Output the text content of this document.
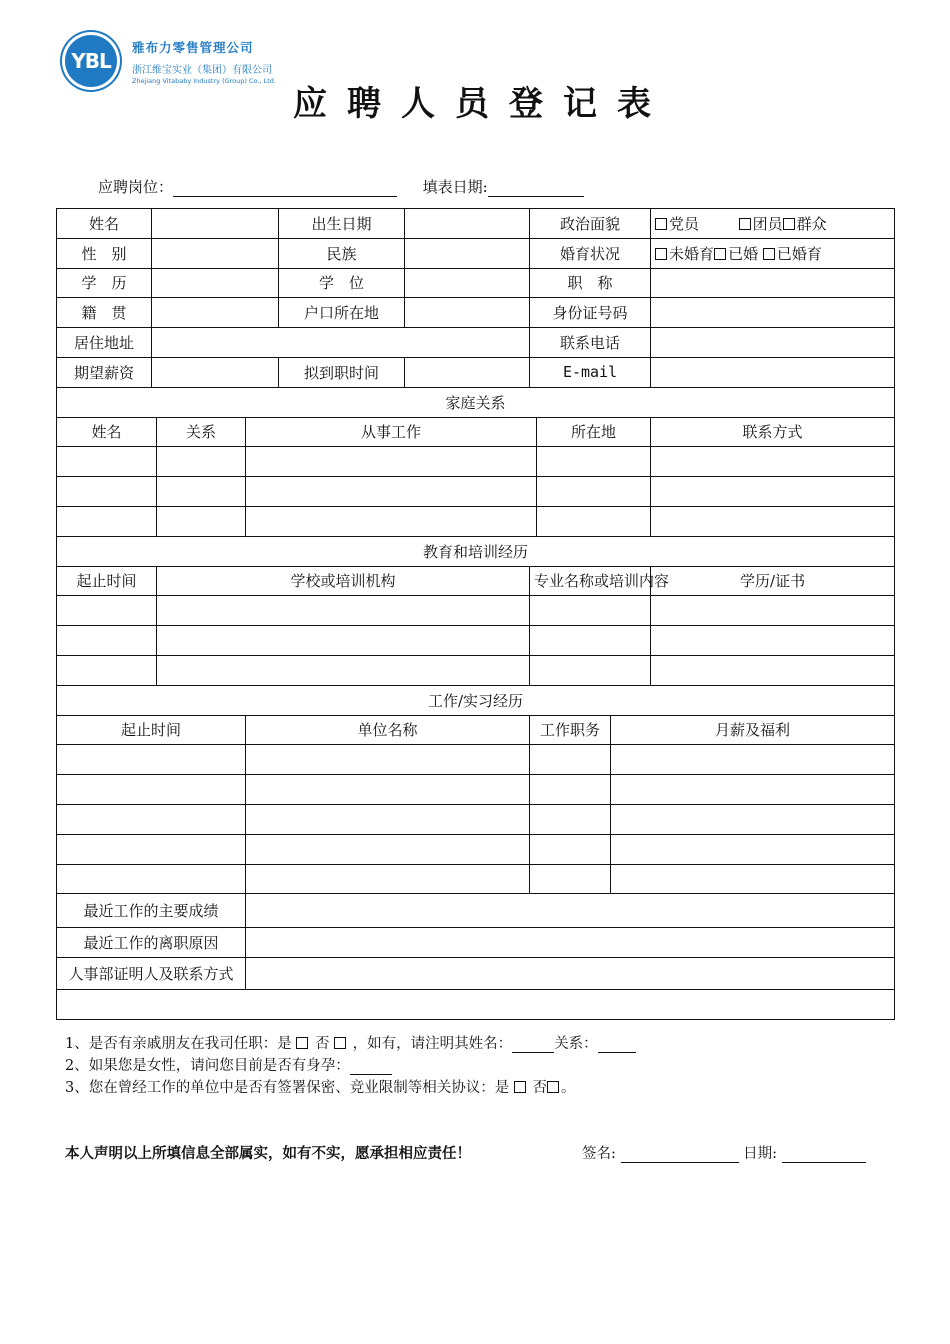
YBL
雅布力零售管理公司
浙江维宝实业（集团）有限公司
Zhejiang Vitababy Industry (Group) Co., Ltd.
应聘人员登记表
应聘岗位：	填表日期:
姓名				出生日期		政治面貌			党员 团员 群众
性　别				民族		婚育状况			未婚育 已婚 已婚育
学　历				学　位		职　称			
籍　贯				户口所在地		身份证号码			
居住地址						联系电话			
期望薪资				拟到职时间		E-mail			
家庭关系									
姓名		关系	从事工作				所在地		联系方式

教育和培训经历									
起止时间		学校或培训机构				专业名称或培训内容			学历/证书

工作/实习经历									
起止时间			单位名称			工作职务		月薪及福利	

最近工作的主要成绩									
最近工作的离职原因									
人事部证明人及联系方式									

1、是否有亲戚朋友在我司任职：是 否 ，如有，请注明其姓名： 关系：
2、如果您是女性，请问您目前是否有身孕：
3、您在曾经工作的单位中是否有签署保密、竞业限制等相关协议：是 否 。
本人声明以上所填信息全部属实，如有不实，愿承担相应责任！ 签名: 日期:									
